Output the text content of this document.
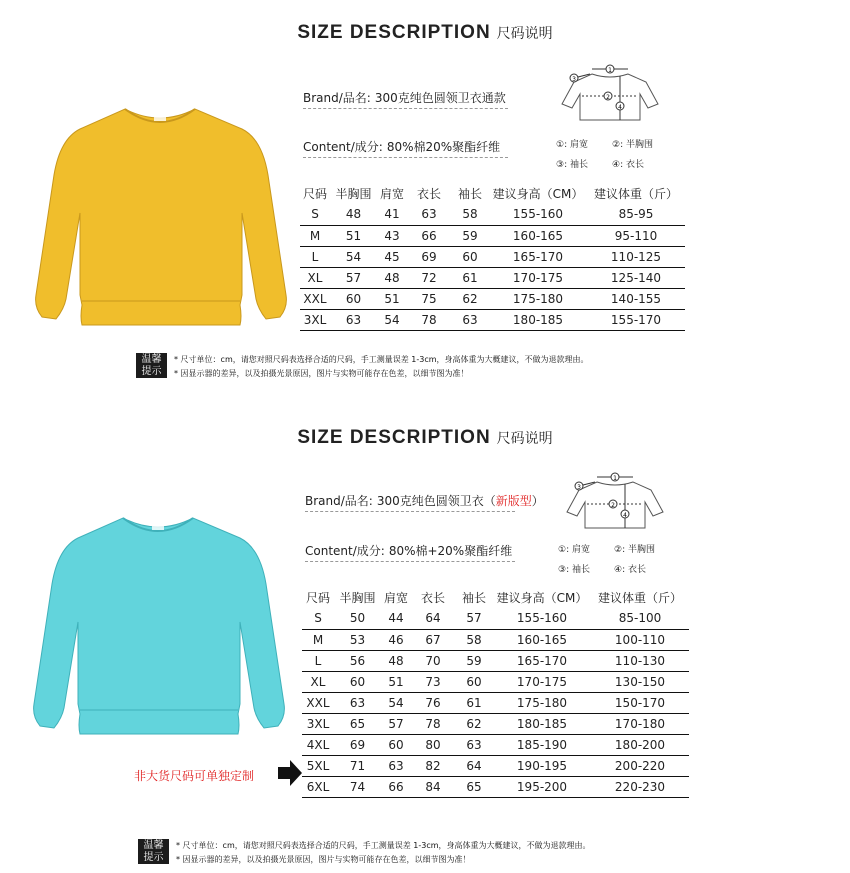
SIZE DESCRIPTION 尺码说明
Brand/品名: 300克纯色圆领卫衣通款
Content/成分: 80%棉20%聚酯纤维
1
2
3
4
①: 肩宽	②: 半胸围
③: 袖长	④: 衣长
尺码	半胸围	肩宽	衣长	袖长	建议身高（CM）	建议体重（斤）
S	48	41	63	58	155-160	85-95
M	51	43	66	59	160-165	95-110
L	54	45	69	60	165-170	110-125
XL	57	48	72	61	170-175	125-140
XXL	60	51	75	62	175-180	140-155
3XL	63	54	78	63	180-185	155-170
温馨
提示
* 尺寸单位：cm，请您对照尺码表选择合适的尺码，手工测量误差 1-3cm，身高体重为大概建议，不做为退款理由。
* 因显示器的差异，以及拍摄光景原因，图片与实物可能存在色差，以细节图为准！
SIZE DESCRIPTION 尺码说明
Brand/品名: 300克纯色圆领卫衣（新版型）
Content/成分: 80%棉+20%聚酯纤维
1
2
3
4
①: 肩宽	②: 半胸围
③: 袖长	④: 衣长
尺码	半胸围	肩宽	衣长	袖长	建议身高（CM）	建议体重（斤）
S	50	44	64	57	155-160	85-100
M	53	46	67	58	160-165	100-110
L	56	48	70	59	165-170	110-130
XL	60	51	73	60	170-175	130-150
XXL	63	54	76	61	175-180	150-170
3XL	65	57	78	62	180-185	170-180
4XL	69	60	80	63	185-190	180-200
5XL	71	63	82	64	190-195	200-220
6XL	74	66	84	65	195-200	220-230
非大货尺码可单独定制
温馨
提示
* 尺寸单位：cm，请您对照尺码表选择合适的尺码，手工测量误差 1-3cm，身高体重为大概建议，不做为退款理由。
* 因显示器的差异，以及拍摄光景原因，图片与实物可能存在色差，以细节图为准！
